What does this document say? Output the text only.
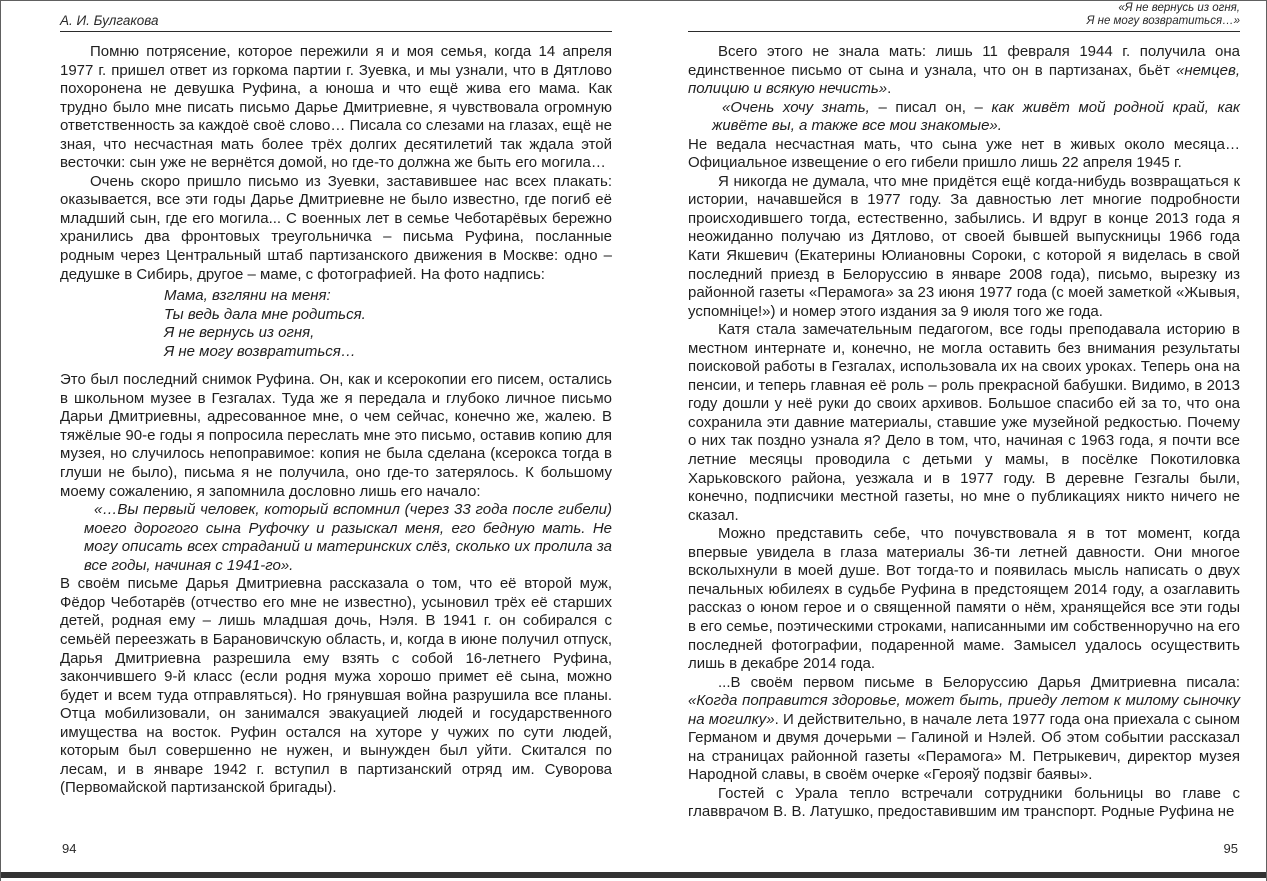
А. И. Булгакова

Помню потрясение, которое пережили я и моя семья, когда 14 апреля 1977 г. пришел ответ из горкома партии г. Зуевка, и мы узнали, что в Дятлово похоронена не девушка Руфина, а юноша и что ещё жива его мама. Как трудно было мне писать письмо Дарье Дмитриевне, я чувствовала огромную ответственность за каждоё своё слово… Писала со слезами на глазах, ещё не зная, что несчастная мать более трёх долгих десятилетий так ждала этой весточки: сын уже не вернётся домой, но где-то должна же быть его могила…

Очень скоро пришло письмо из Зуевки, заставившее нас всех плакать: оказывается, все эти годы Дарье Дмитриевне не было известно, где погиб её младший сын, где его могила... С военных лет в семье Чеботарёвых бережно хранились два фронтовых треугольничка – письма Руфина, посланные родным через Центральный штаб партизанского движения в Москве: одно – дедушке в Сибирь, другое – маме, с фотографией. На фото надпись:

Мама, взгляни на меня:
Ты ведь дала мне родиться.
Я не вернусь из огня,
Я не могу возвратиться…

Это был последний снимок Руфина. Он, как и ксерокопии его писем, остались в школьном музее в Гезгалах. Туда же я передала и глубоко личное письмо Дарьи Дмитриевны, адресованное мне, о чем сейчас, конечно же, жалею. В тяжёлые 90-е годы я попросила переслать мне это письмо, оставив копию для музея, но случилось непоправимое: копия не была сделана (ксерокса тогда в глуши не было), письма я не получила, оно где-то затерялось. К большому моему сожалению, я запомнила дословно лишь его начало:

«…Вы первый человек, который вспомнил (через 33 года после гибели) моего дорогого сына Руфочку и разыскал меня, его бедную мать. Не могу описать всех страданий и материнских слёз, сколько их пролила за все годы, начиная с 1941-го».

В своём письме Дарья Дмитриевна рассказала о том, что её второй муж, Фёдор Чеботарёв (отчество его мне не известно), усыновил трёх её старших детей, родная ему – лишь младшая дочь, Нэля. В 1941 г. он собирался с семьёй переезжать в Барановичскую область, и, когда в июне получил отпуск, Дарья Дмитриевна разрешила ему взять с собой 16-летнего Руфина, закончившего 9-й класс (если родня мужа хорошо примет её сына, можно будет и всем туда отправляться). Но грянувшая война разрушила все планы. Отца мобилизовали, он занимался эвакуацией людей и государственного имущества на восток. Руфин остался на хуторе у чужих по сути людей, которым был совершенно не нужен, и вынужден был уйти. Скитался по лесам, и в январе 1942 г. вступил в партизанский отряд им. Суворова (Первомайской партизанской бригады).

94
«Я не вернусь из огня,
Я не могу возвратиться…»

Всего этого не знала мать: лишь 11 февраля 1944 г. получила она единственное письмо от сына и узнала, что он в партизанах, бьёт «немцев, полицию и всякую нечисть».

«Очень хочу знать, – писал он, – как живёт мой родной край, как живёте вы, а также все мои знакомые».

Не ведала несчастная мать, что сына уже нет в живых около месяца… Официальное извещение о его гибели пришло лишь 22 апреля 1945 г.

Я никогда не думала, что мне придётся ещё когда-нибудь возвращаться к истории, начавшейся в 1977 году. За давностью лет многие подробности происходившего тогда, естественно, забылись. И вдруг в конце 2013 года я неожиданно получаю из Дятлово, от своей бывшей выпускницы 1966 года Кати Якшевич (Екатерины Юлиановны Сороки, с которой я виделась в свой последний приезд в Белоруссию в январе 2008 года), письмо, вырезку из районной газеты «Перамога» за 23 июня 1977 года (с моей заметкой «Жывыя, успомніце!») и номер этого издания за 9 июля того же года.

Катя стала замечательным педагогом, все годы преподавала историю в местном интернате и, конечно, не могла оставить без внимания результаты поисковой работы в Гезгалах, использовала их на своих уроках. Теперь она на пенсии, и теперь главная её роль – роль прекрасной бабушки. Видимо, в 2013 году дошли у неё руки до своих архивов. Большое спасибо ей за то, что она сохранила эти давние материалы, ставшие уже музейной редкостью. Почему о них так поздно узнала я? Дело в том, что, начиная с 1963 года, я почти все летние месяцы проводила с детьми у мамы, в посёлке Покотиловка Харьковского района, уезжала и в 1977 году. В деревне Гезгалы были, конечно, подписчики местной газеты, но мне о публикациях никто ничего не сказал.

Можно представить себе, что почувствовала я в тот момент, когда впервые увидела в глаза материалы 36-ти летней давности. Они многое всколыхнули в моей душе. Вот тогда-то и появилась мысль написать о двух печальных юбилеях в судьбе Руфина в предстоящем 2014 году, а озаглавить рассказ о юном герое и о священной памяти о нём, хранящейся все эти годы в его семье, поэтическими строками, написанными им собственноручно на его последней фотографии, подаренной маме. Замысел удалось осуществить лишь в декабре 2014 года.

...В своём первом письме в Белоруссию Дарья Дмитриевна писала: «Когда поправится здоровье, может быть, приеду летом к милому сыночку на могилку». И действительно, в начале лета 1977 года она приехала с сыном Германом и двумя дочерьми – Галиной и Нэлей. Об этом событии рассказал на страницах районной газеты «Перамога» М. Петрыкевич, директор музея Народной славы, в своём очерке «Герояў подзвіг баявы».

Гостей с Урала тепло встречали сотрудники больницы во главе с главврачом В. В. Латушко, предоставившим им транспорт. Родные Руфина не

95
